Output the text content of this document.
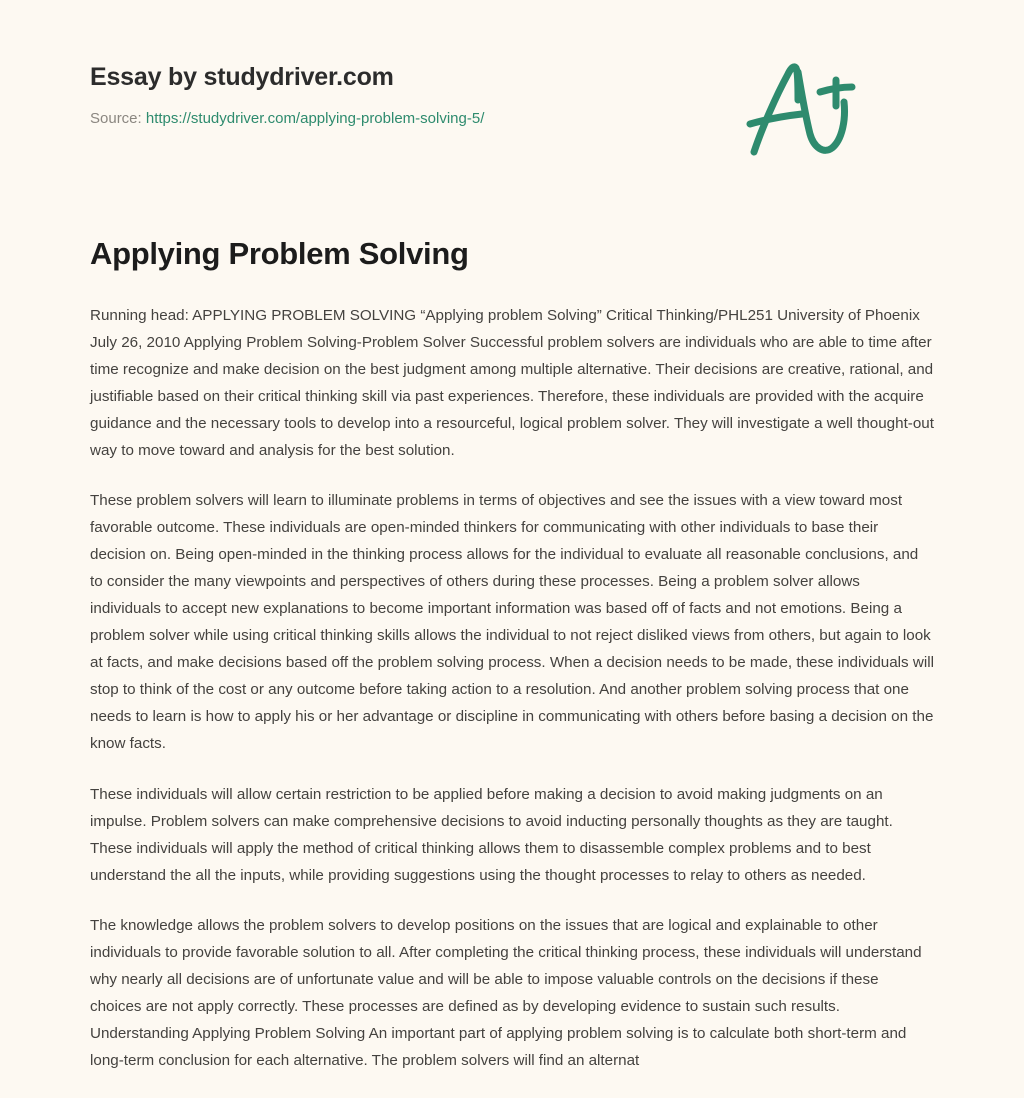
Essay by studydriver.com
Source: https://studydriver.com/applying-problem-solving-5/
Applying Problem Solving

Running head: APPLYING PROBLEM SOLVING “Applying problem Solving” Critical Thinking/PHL251 University of Phoenix July 26, 2010 Applying Problem Solving-Problem Solver Successful problem solvers are individuals who are able to time after time recognize and make decision on the best judgment among multiple alternative. Their decisions are creative, rational, and justifiable based on their critical thinking skill via past experiences. Therefore, these individuals are provided with the acquire guidance and the necessary tools to develop into a resourceful, logical problem solver. They will investigate a well thought-out way to move toward and analysis for the best solution.

These problem solvers will learn to illuminate problems in terms of objectives and see the issues with a view toward most favorable outcome. These individuals are open-minded thinkers for communicating with other individuals to base their decision on. Being open-minded in the thinking process allows for the individual to evaluate all reasonable conclusions, and to consider the many viewpoints and perspectives of others during these processes. Being a problem solver allows individuals to accept new explanations to become important information was based off of facts and not emotions. Being a problem solver while using critical thinking skills allows the individual to not reject disliked views from others, but again to look at facts, and make decisions based off the problem solving process. When a decision needs to be made, these individuals will stop to think of the cost or any outcome before taking action to a resolution. And another problem solving process that one needs to learn is how to apply his or her advantage or discipline in communicating with others before basing a decision on the know facts.

These individuals will allow certain restriction to be applied before making a decision to avoid making judgments on an impulse. Problem solvers can make comprehensive decisions to avoid inducting personally thoughts as they are taught. These individuals will apply the method of critical thinking allows them to disassemble complex problems and to best understand the all the inputs, while providing suggestions using the thought processes to relay to others as needed.

The knowledge allows the problem solvers to develop positions on the issues that are logical and explainable to other individuals to provide favorable solution to all. After completing the critical thinking process, these individuals will understand why nearly all decisions are of unfortunate value and will be able to impose valuable controls on the decisions if these choices are not apply correctly. These processes are defined as by developing evidence to sustain such results. Understanding Applying Problem Solving An important part of applying problem solving is to calculate both short-term and long-term conclusion for each alternative. The problem solvers will find an alternat
